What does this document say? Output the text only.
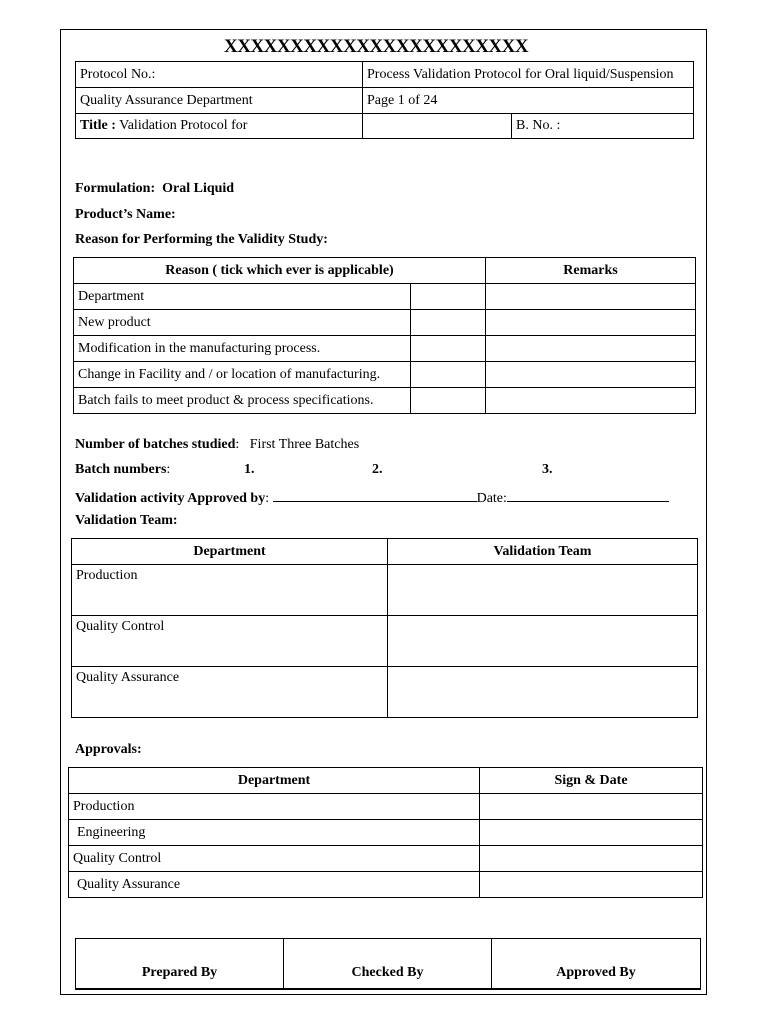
XXXXXXXXXXXXXXXXXXXXXXX
Protocol No.:	Process Validation Protocol for Oral liquid/Suspension	
Quality Assurance Department	Page 1 of 24	
Title : Validation Protocol for		B. No. :
Formulation: Oral Liquid
Product’s Name:
Reason for Performing the Validity Study:
Reason ( tick which ever is applicable)		Remarks
Department		
New product		
Modification in the manufacturing process.		
Change in Facility and / or location of manufacturing.		
Batch fails to meet product & process specifications.		
Number of batches studied:   First Three Batches
Batch numbers:	1.	2.	3.
Validation activity Approved by:	Date:
Validation Team:
Department	Validation Team
Production	
Quality Control	
Quality Assurance	
Approvals:
Department	Sign & Date
Production	
Engineering	
Quality Control	
Quality Assurance	
Prepared By	Checked By	Approved By
